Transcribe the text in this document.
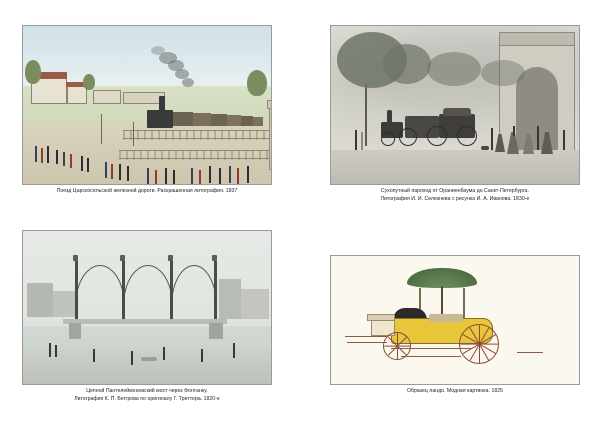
Поезд Царскосельской железной дороги. Раскрашенная литография. 1837	Сухопутный пароход от Ораниенбаума до Санкт-Петербурга.
Литография И. И. Селезнева с рисунка И. А. Иванова. 1830-е
Цепной Пантелеймоновский мост через Фонтанку.
Литография К. П. Беггрова по оригиналу Г. Треттера. 1820-е
Образец ландо. Модная картинка. 1825
